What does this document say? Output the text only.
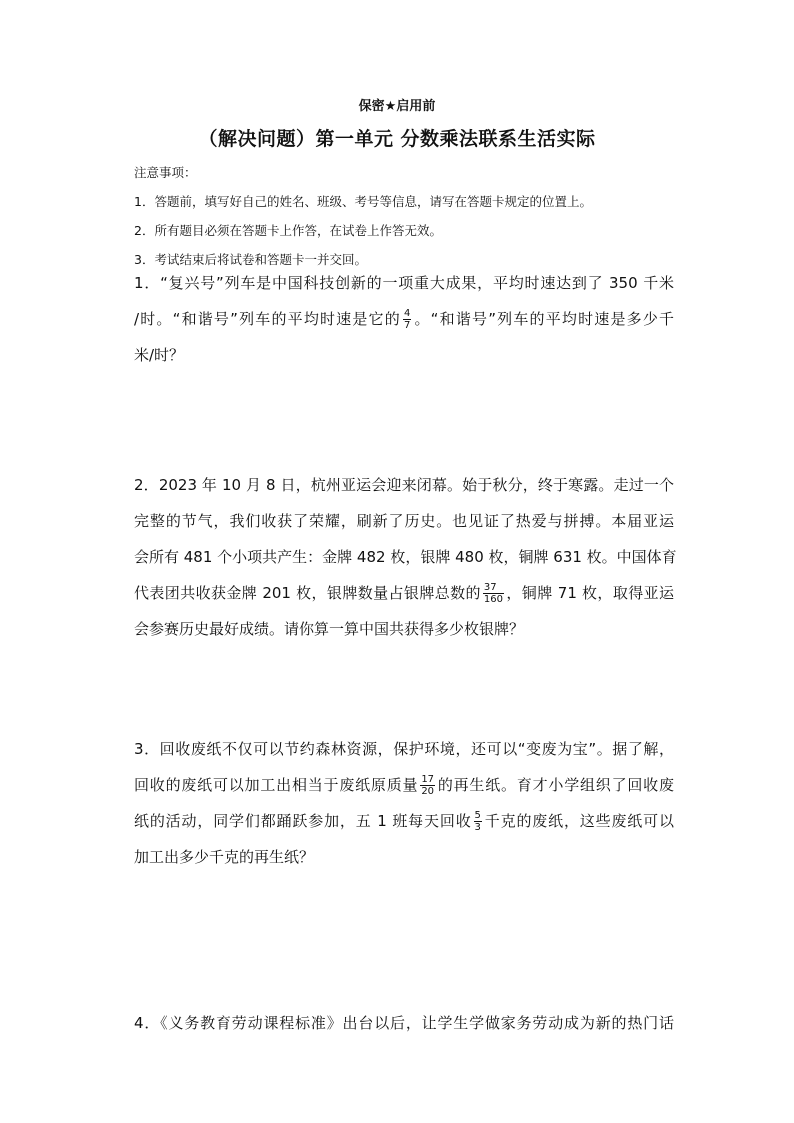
保密★启用前
（解决问题）第一单元 分数乘法联系生活实际
注意事项：
1．答题前，填写好自己的姓名、班级、考号等信息，请写在答题卡规定的位置上。
2．所有题目必须在答题卡上作答，在试卷上作答无效。
3．考试结束后将试卷和答题卡一并交回。
1．“复兴号”列车是中国科技创新的一项重大成果，平均时速达到了 350 千米
/时。“和谐号”列车的平均时速是它的 $\frac{4}{7}$ 。“和谐号”列车的平均时速是多少千
米/时？
2．2023 年 10 月 8 日，杭州亚运会迎来闭幕。始于秋分，终于寒露。走过一个
完整的节气，我们收获了荣耀，刷新了历史。也见证了热爱与拼搏。本届亚运
会所有 481 个小项共产生：金牌 482 枚，银牌 480 枚，铜牌 631 枚。中国体育
代表团共收获金牌 201 枚，银牌数量占银牌总数的 $\frac{37}{160}$ ，铜牌 71 枚，取得亚运
会参赛历史最好成绩。请你算一算中国共获得多少枚银牌？
3．回收废纸不仅可以节约森林资源，保护环境，还可以“变废为宝”。据了解，
回收的废纸可以加工出相当于废纸原质量 $\frac{17}{20}$ 的再生纸。育才小学组织了回收废
纸的活动，同学们都踊跃参加，五 1 班每天回收 $\frac{5}{3}$ 千克的废纸，这些废纸可以
加工出多少千克的再生纸？
4．《义务教育劳动课程标准》出台以后，让学生学做家务劳动成为新的热门话
